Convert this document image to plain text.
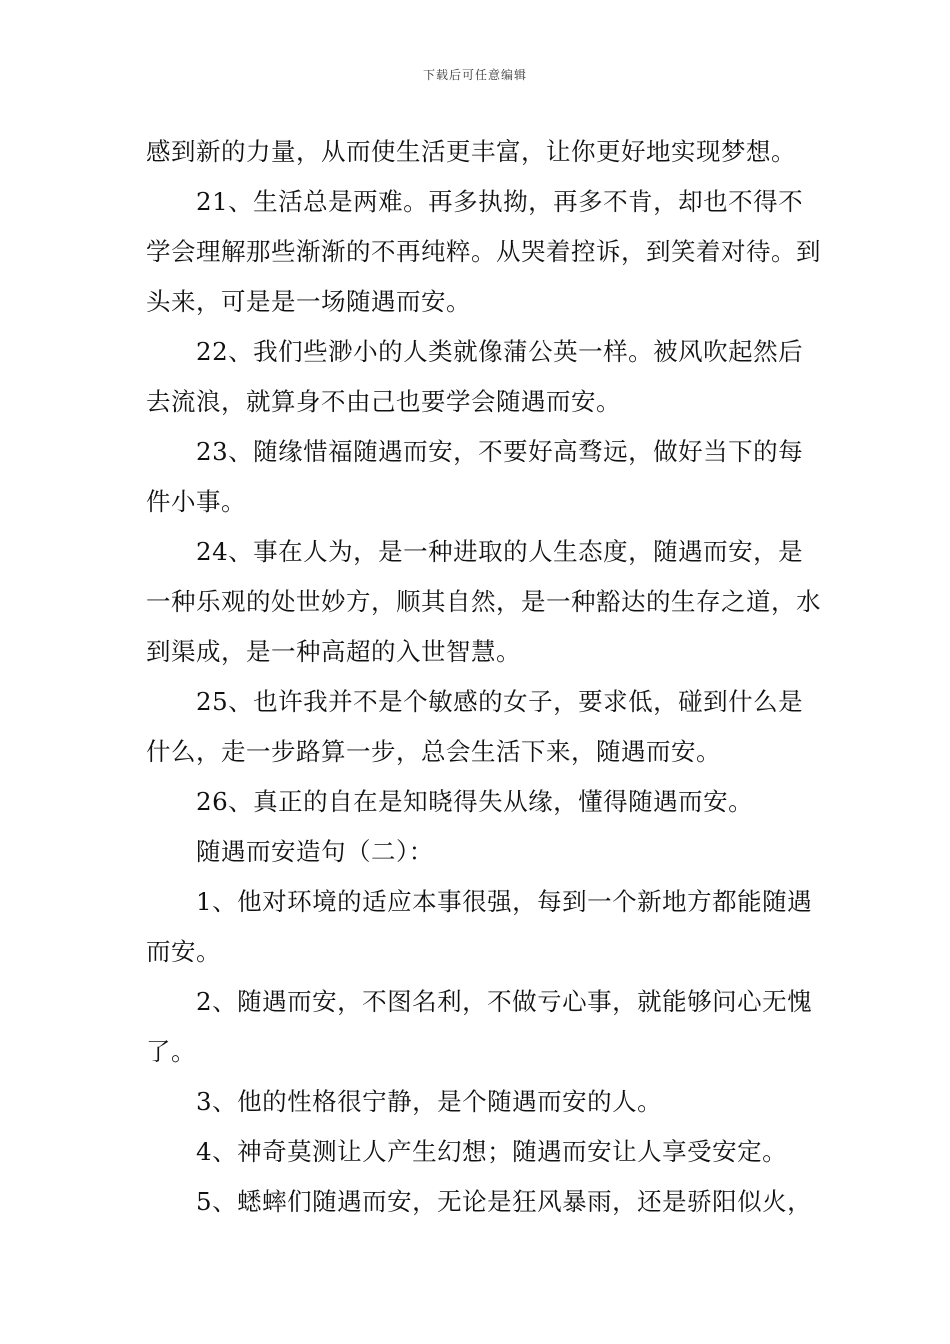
下载后可任意编辑

感到新的力量，从而使生活更丰富，让你更好地实现梦想。

21、生活总是两难。再多执拗，再多不肯，却也不得不学会理解那些渐渐的不再纯粹。从哭着控诉，到笑着对待。到头来，可是是一场随遇而安。

22、我们些渺小的人类就像蒲公英一样。被风吹起然后去流浪，就算身不由己也要学会随遇而安。

23、随缘惜福随遇而安，不要好高骛远，做好当下的每件小事。

24、事在人为，是一种进取的人生态度，随遇而安，是一种乐观的处世妙方，顺其自然，是一种豁达的生存之道，水到渠成，是一种高超的入世智慧。

25、也许我并不是个敏感的女子，要求低，碰到什么是什么，走一步路算一步，总会生活下来，随遇而安。

26、真正的自在是知晓得失从缘，懂得随遇而安。

随遇而安造句（二）：

1、他对环境的适应本事很强，每到一个新地方都能随遇而安。

2、随遇而安，不图名利，不做亏心事，就能够问心无愧了。

3、他的性格很宁静，是个随遇而安的人。

4、神奇莫测让人产生幻想；随遇而安让人享受安定。

5、蟋蟀们随遇而安，无论是狂风暴雨，还是骄阳似火，
